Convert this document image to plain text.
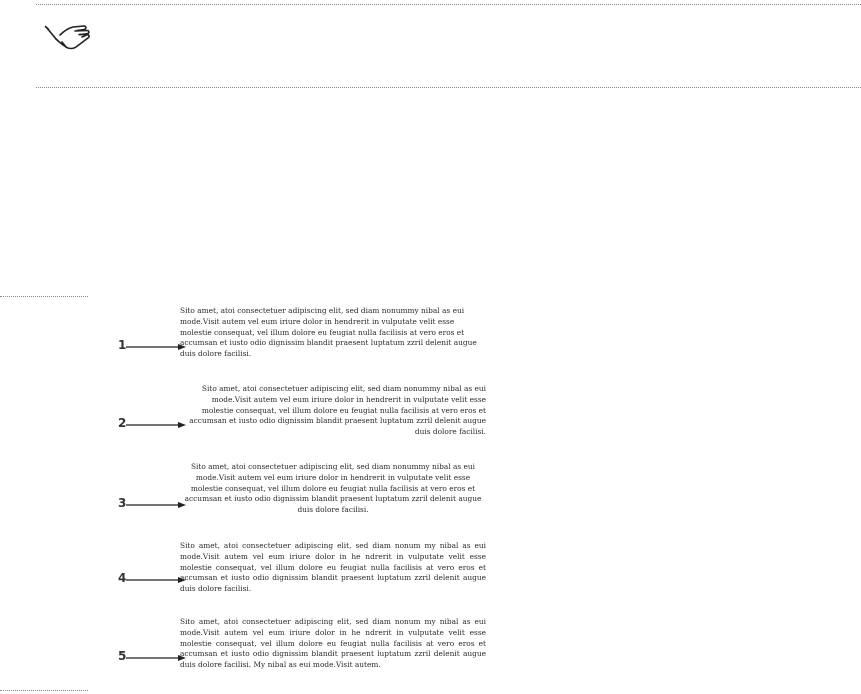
1

Sito amet, atoi consectetuer adipiscing elit, sed diam nonummy nibal as eui mode.Visit autem vel eum iriure dolor in hendrerit in vulputate velit esse molestie consequat, vel illum dolore eu feugiat nulla facilisis at vero eros et accumsan et iusto odio dignissim blandit praesent luptatum zzril delenit augue duis dolore facilisi.

2

Sito amet, atoi consectetuer adipiscing elit, sed diam nonummy nibal as eui mode.Visit autem vel eum iriure dolor in hendrerit in vulputate velit esse molestie consequat, vel illum dolore eu feugiat nulla facilisis at vero eros et accumsan et iusto odio dignissim blandit praesent luptatum zzril delenit augue duis dolore facilisi.

3

Sito amet, atoi consectetuer adipiscing elit, sed diam nonummy nibal as eui mode.Visit autem vel eum iriure dolor in hendrerit in vulputate velit esse molestie consequat, vel illum dolore eu feugiat nulla facilisis at vero eros et accumsan et iusto odio dignissim blandit praesent luptatum zzril delenit augue duis dolore facilisi.

4

Sito amet, atoi consectetuer adipiscing elit, sed diam nonum my nibal as eui mode.Visit autem vel eum iriure dolor in he ndrerit in vulputate velit esse molestie consequat, vel illum dolore eu feugiat nulla facilisis at vero eros et accumsan et iusto odio dignissim blandit praesent luptatum zzril delenit augue duis dolore facilisi.

5

Sito amet, atoi consectetuer adipiscing elit, sed diam nonum my nibal as eui mode.Visit autem vel eum iriure dolor in he ndrerit in vulputate velit esse molestie consequat, vel illum dolore eu feugiat nulla facilisis at vero eros et accumsan et iusto odio dignissim blandit praesent luptatum zzril delenit augue duis dolore facilisi. My nibal as eui mode.Visit autem.
